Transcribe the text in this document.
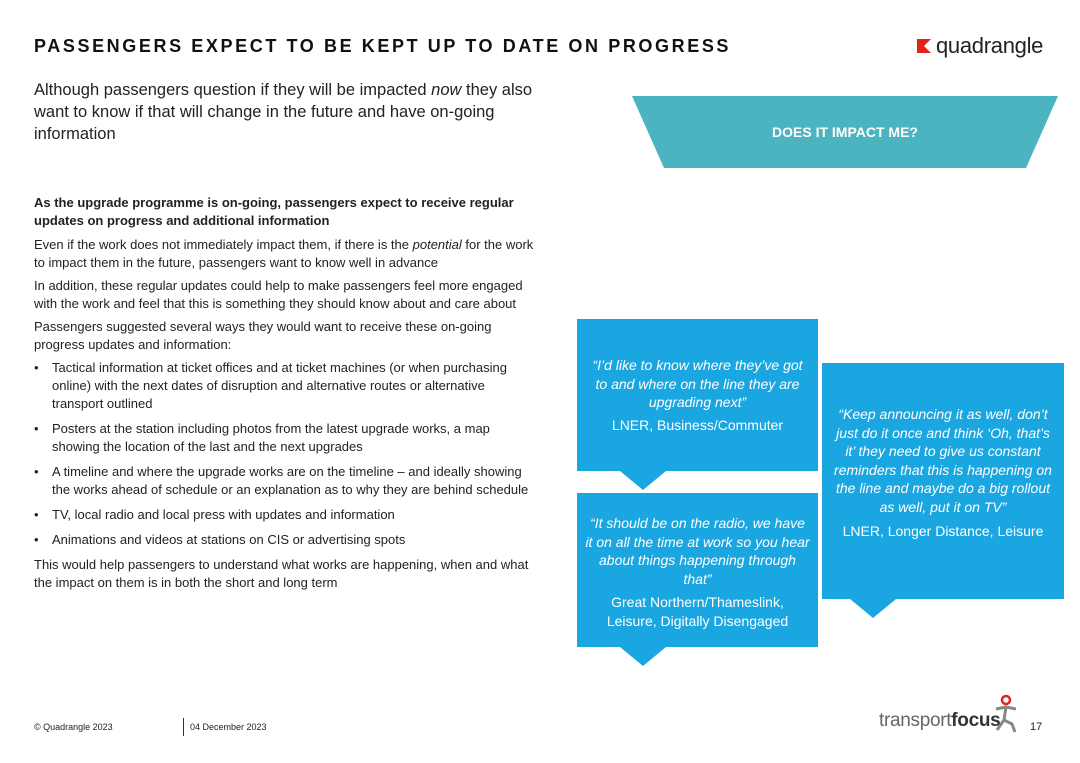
PASSENGERS EXPECT TO BE KEPT UP TO DATE ON PROGRESS	quadrangle
Although passengers question if they will be impacted now they also want to know if that will change in the future and have on-going information

As the upgrade programme is on-going, passengers expect to receive regular updates on progress and additional information

Even if the work does not immediately impact them, if there is the potential for the work to impact them in the future, passengers want to know well in advance

In addition, these regular updates could help to make passengers feel more engaged with the work and feel that this is something they should know about and care about

Passengers suggested several ways they would want to receive these on-going progress updates and information:

• Tactical information at ticket offices and at ticket machines (or when purchasing online) with the next dates of disruption and alternative routes or alternative transport outlined
• Posters at the station including photos from the latest upgrade works, a map showing the location of the last and the next upgrades
• A timeline and where the upgrade works are on the timeline – and ideally showing the works ahead of schedule or an explanation as to why they are behind schedule
• TV, local radio and local press with updates and information
• Animations and videos at stations on CIS or advertising spots

This would help passengers to understand what works are happening, when and what the impact on them is in both the short and long term

DOES IT IMPACT ME?
“I’d like to know where they’ve got to and where on the line they are upgrading next”
LNER, Business/Commuter
“It should be on the radio, we have it on all the time at work so you hear about things happening through that”
Great Northern/Thameslink, Leisure, Digitally Disengaged
“Keep announcing it as well, don’t just do it once and think ‘Oh, that’s it’ they need to give us constant reminders that this is happening on the line and maybe do a big rollout as well, put it on TV”
LNER, Longer Distance, Leisure
© Quadrangle 2023	04 December 2023	transportfocus	17
